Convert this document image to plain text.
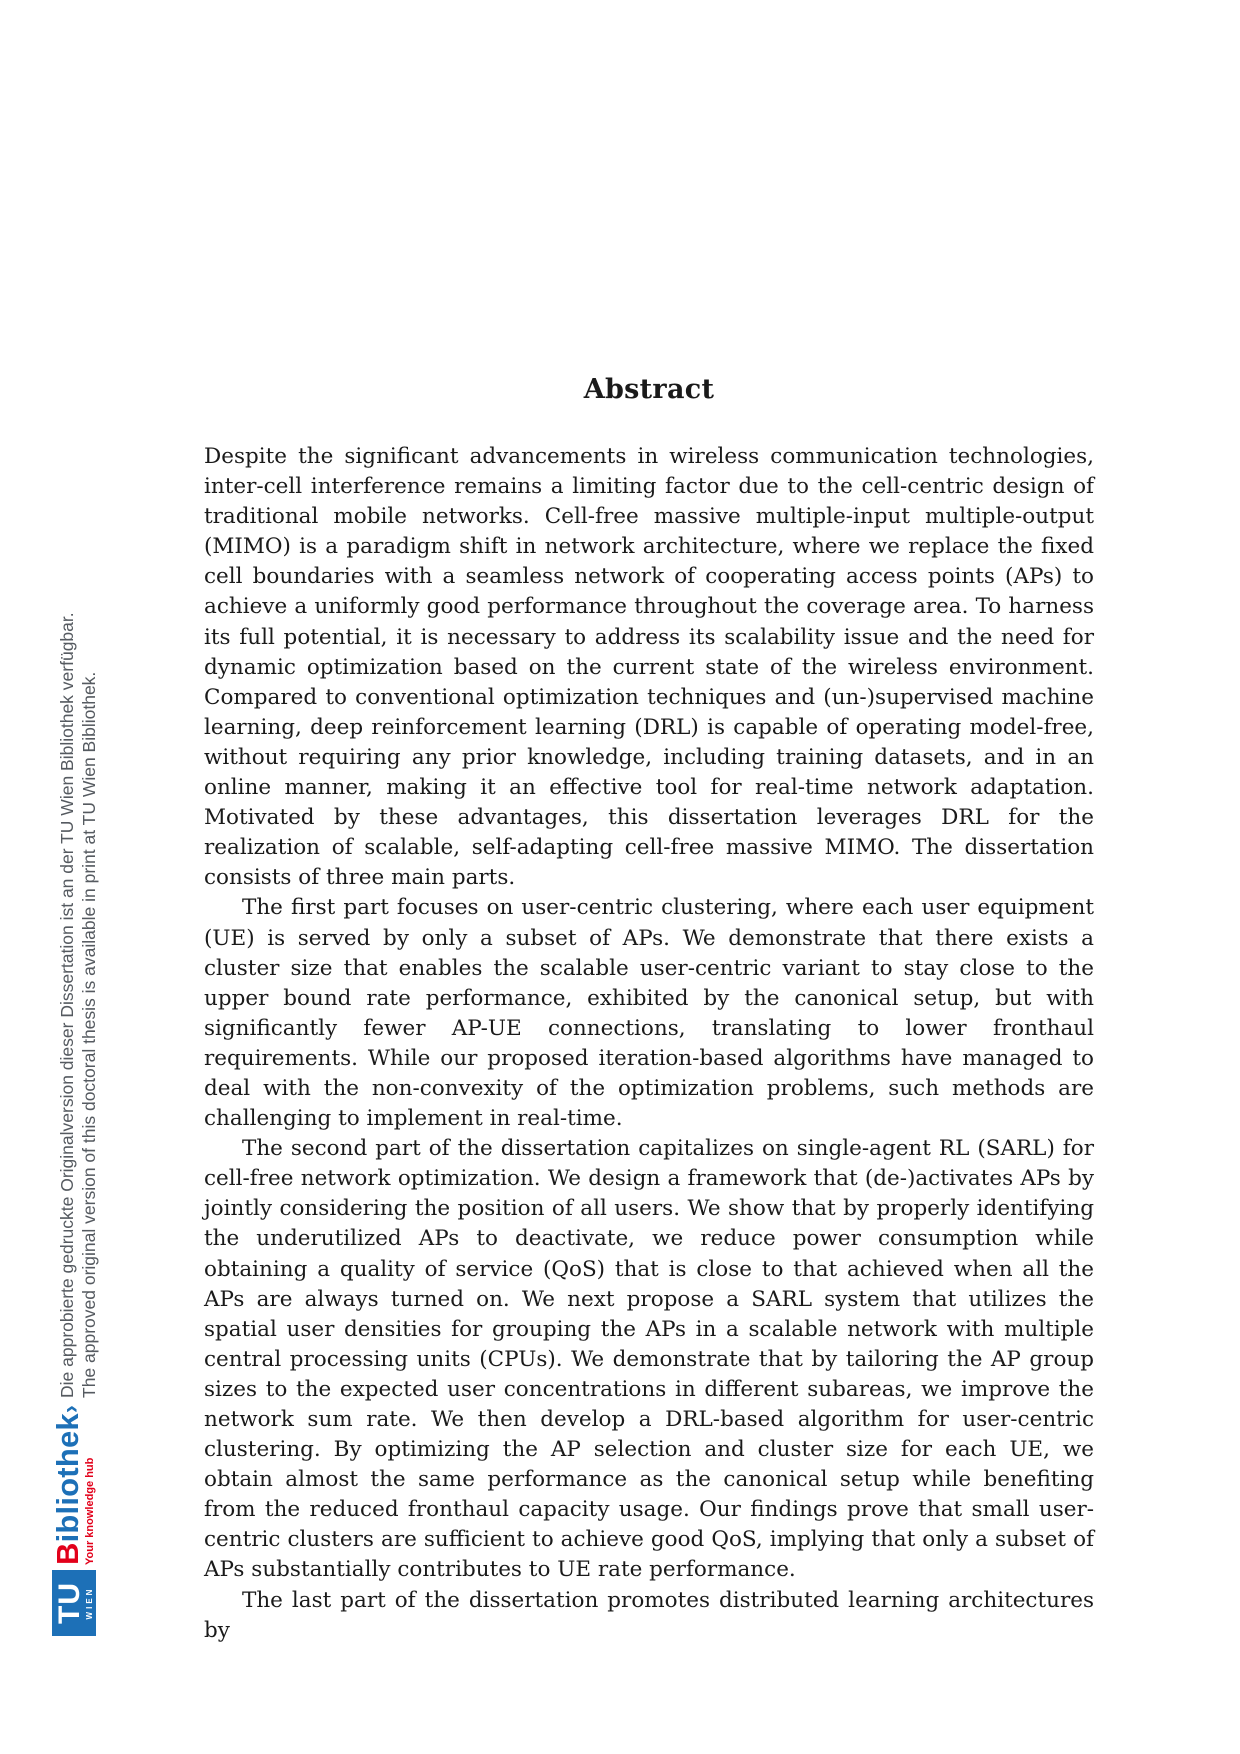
Die approbierte gedruckte Originalversion dieser Dissertation ist an der TU Wien Bibliothek verfügbar. The approved original version of this doctoral thesis is available in print at TU Wien Bibliothek.
TU WIEN
Bibliothek›
Your knowledge hub
Abstract

Despite the significant advancements in wireless communication technologies, inter-cell interference remains a limiting factor due to the cell-centric design of traditional mobile networks. Cell-free massive multiple-input multiple-output (MIMO) is a paradigm shift in network architecture, where we replace the fixed cell boundaries with a seamless network of cooperating access points (APs) to achieve a uniformly good performance throughout the coverage area. To harness its full potential, it is necessary to address its scalability issue and the need for dynamic optimization based on the current state of the wireless environment. Compared to conventional optimization techniques and (un-)supervised machine learning, deep reinforcement learning (DRL) is capable of operating model-free, without requiring any prior knowledge, including training datasets, and in an online manner, making it an effective tool for real-time network adaptation. Motivated by these advantages, this dissertation leverages DRL for the realization of scalable, self-adapting cell-free massive MIMO. The dissertation consists of three main parts.

The first part focuses on user-centric clustering, where each user equipment (UE) is served by only a subset of APs. We demonstrate that there exists a cluster size that enables the scalable user-centric variant to stay close to the upper bound rate performance, exhibited by the canonical setup, but with significantly fewer AP-UE connections, translating to lower fronthaul requirements. While our proposed iteration-based algorithms have managed to deal with the non-convexity of the optimization problems, such methods are challenging to implement in real-time.

The second part of the dissertation capitalizes on single-agent RL (SARL) for cell-free network optimization. We design a framework that (de-)activates APs by jointly considering the position of all users. We show that by properly identifying the underutilized APs to deactivate, we reduce power consumption while obtaining a quality of service (QoS) that is close to that achieved when all the APs are always turned on. We next propose a SARL system that utilizes the spatial user densities for grouping the APs in a scalable network with multiple central processing units (CPUs). We demonstrate that by tailoring the AP group sizes to the expected user concentrations in different subareas, we improve the network sum rate. We then develop a DRL-based algorithm for user-centric clustering. By optimizing the AP selection and cluster size for each UE, we obtain almost the same performance as the canonical setup while benefiting from the reduced fronthaul capacity usage. Our findings prove that small user-centric clusters are sufficient to achieve good QoS, implying that only a subset of APs substantially contributes to UE rate performance.

The last part of the dissertation promotes distributed learning architectures by
